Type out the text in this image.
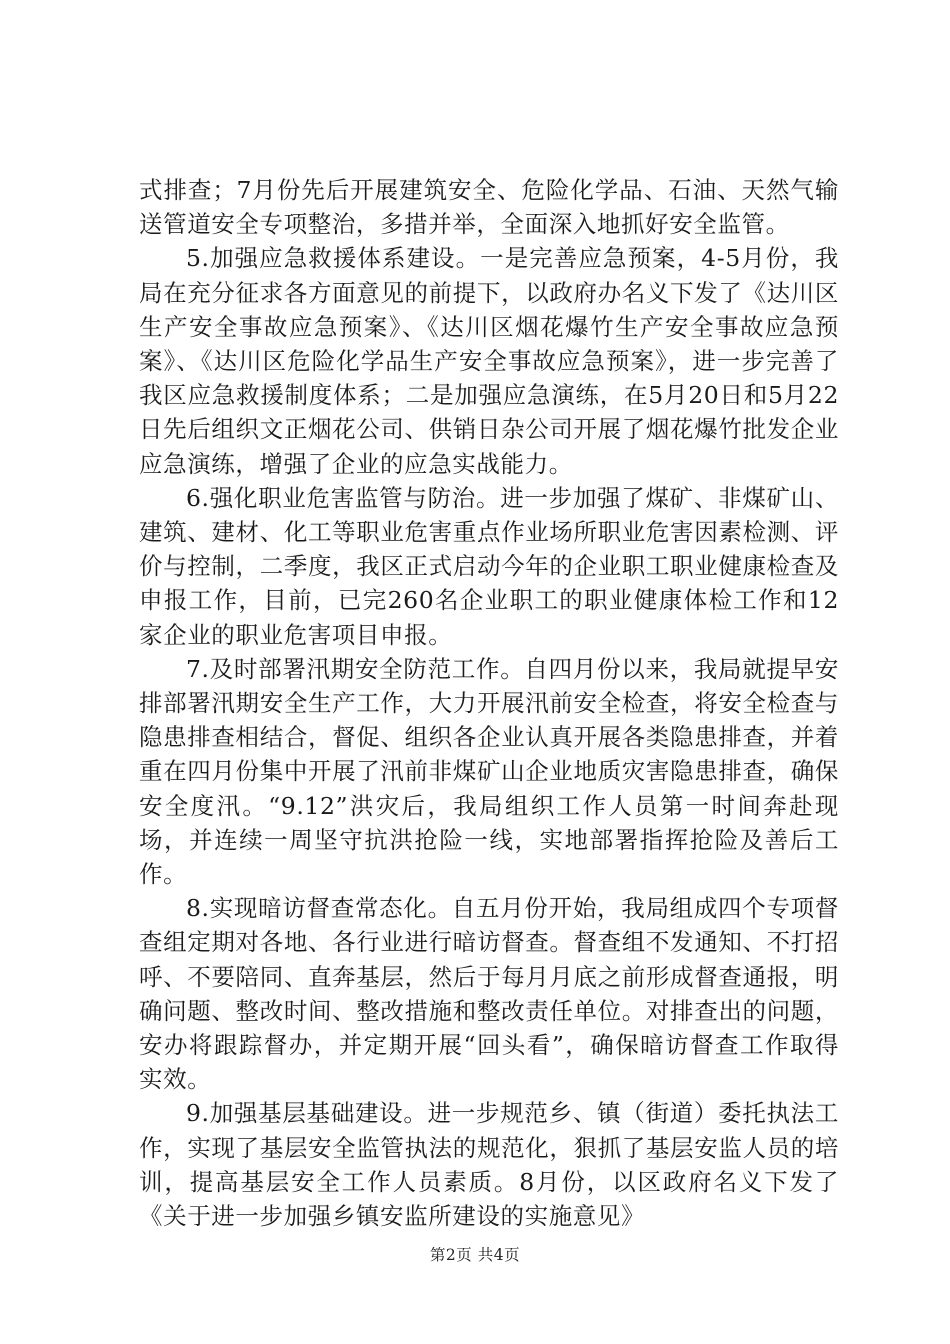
式排查；7月份先后开展建筑安全、危险化学品、石油、天然气输送管道安全专项整治，多措并举，全面深入地抓好安全监管。

5.加强应急救援体系建设。一是完善应急预案，4-5月份，我局在充分征求各方面意见的前提下，以政府办名义下发了《达川区生产安全事故应急预案》、《达川区烟花爆竹生产安全事故应急预案》、《达川区危险化学品生产安全事故应急预案》，进一步完善了我区应急救援制度体系；二是加强应急演练，在5月20日和5月22日先后组织文正烟花公司、供销日杂公司开展了烟花爆竹批发企业应急演练，增强了企业的应急实战能力。

6.强化职业危害监管与防治。进一步加强了煤矿、非煤矿山、建筑、建材、化工等职业危害重点作业场所职业危害因素检测、评价与控制，二季度，我区正式启动今年的企业职工职业健康检查及申报工作，目前，已完260名企业职工的职业健康体检工作和12家企业的职业危害项目申报。

7.及时部署汛期安全防范工作。自四月份以来，我局就提早安排部署汛期安全生产工作，大力开展汛前安全检查，将安全检查与隐患排查相结合，督促、组织各企业认真开展各类隐患排查，并着重在四月份集中开展了汛前非煤矿山企业地质灾害隐患排查，确保安全度汛。“9.12”洪灾后，我局组织工作人员第一时间奔赴现场，并连续一周坚守抗洪抢险一线，实地部署指挥抢险及善后工作。

8.实现暗访督查常态化。自五月份开始，我局组成四个专项督查组定期对各地、各行业进行暗访督查。督查组不发通知、不打招呼、不要陪同、直奔基层，然后于每月月底之前形成督查通报，明确问题、整改时间、整改措施和整改责任单位。对排查出的问题，安办将跟踪督办，并定期开展“回头看”，确保暗访督查工作取得实效。

9.加强基层基础建设。进一步规范乡、镇（街道）委托执法工作，实现了基层安全监管执法的规范化，狠抓了基层安监人员的培训，提高基层安全工作人员素质。8月份，以区政府名义下发了《关于进一步加强乡镇安监所建设的实施意见》

第2页 共4页
